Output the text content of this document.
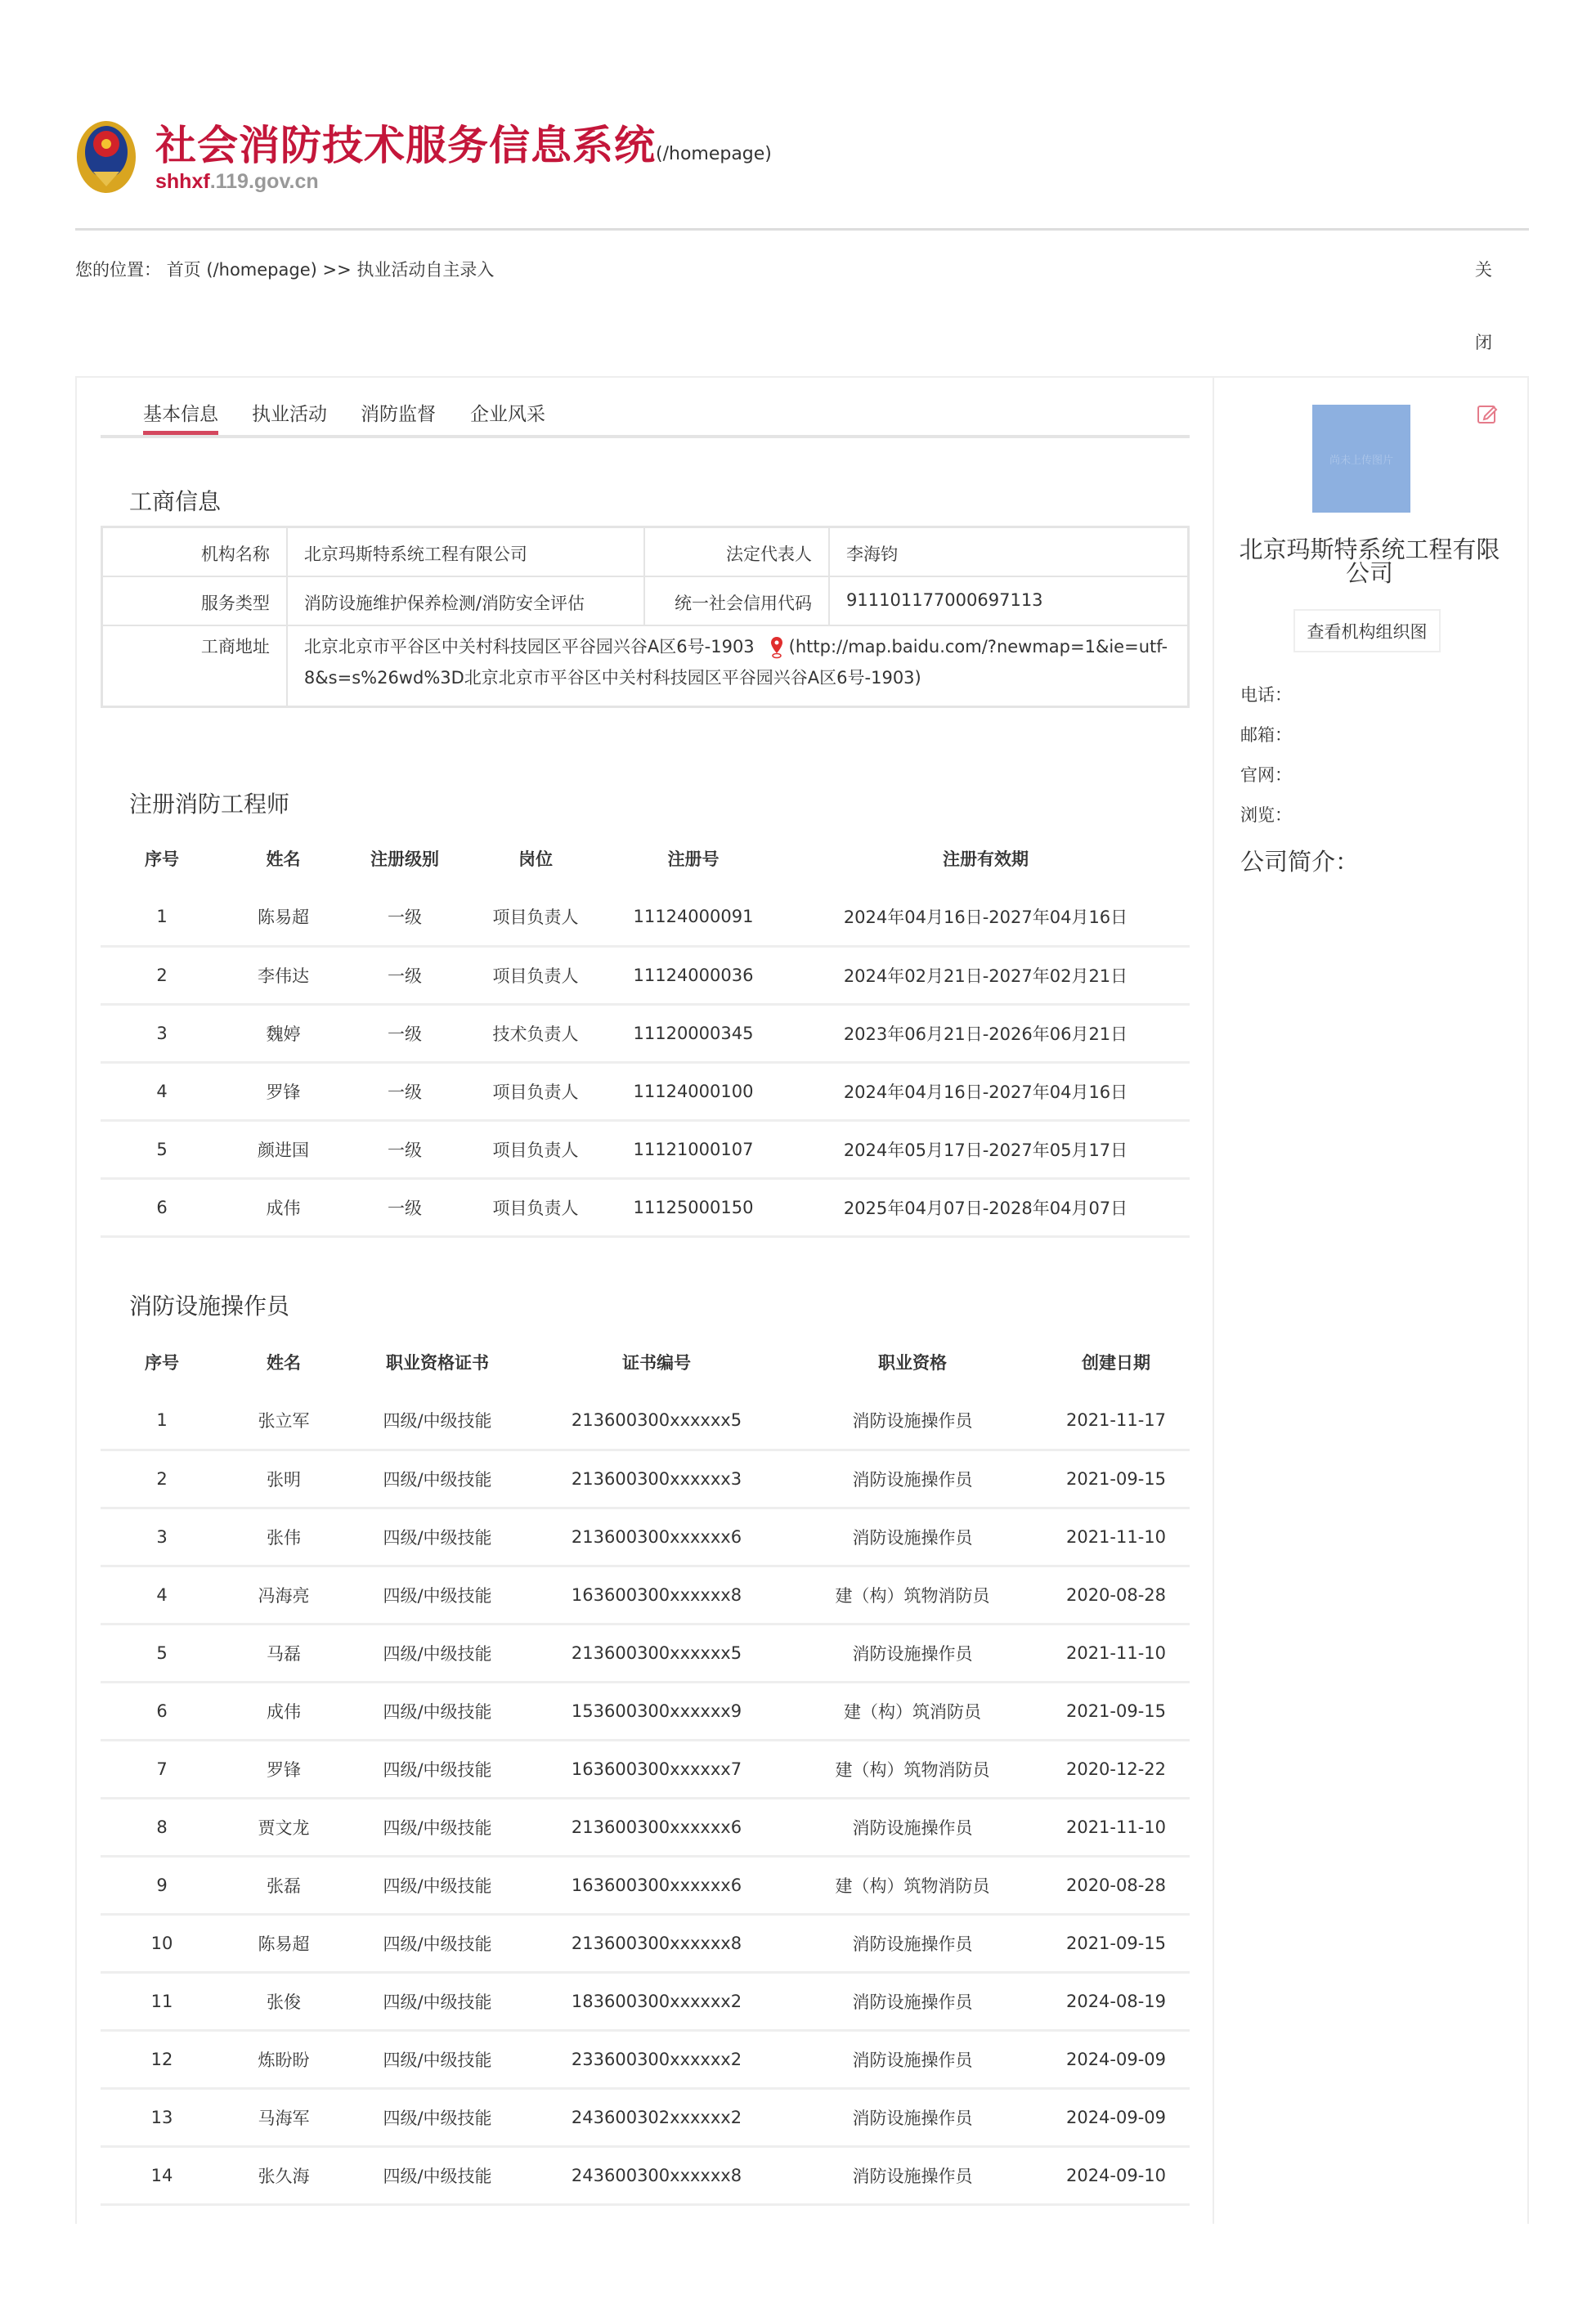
社会消防技术服务信息系统(/homepage)
shhxf.119.gov.cn
您的位置： 首页 (/homepage) >> 执业活动自主录入	关
闭
基本信息 执业活动 消防监督 企业风采
工商信息
机构名称	北京玛斯特系统工程有限公司	法定代表人	李海钧
服务类型	消防设施维护保养检测/消防安全评估	统一社会信用代码	911101177000697113
工商地址	北京北京市平谷区中关村科技园区平谷园兴谷A区6号-1903 (http://map.baidu.com/?newmap=1&ie=utf-8&s=s%26wd%3D北京北京市平谷区中关村科技园区平谷园兴谷A区6号-1903)		
注册消防工程师
序号	姓名	注册级别	岗位	注册号	注册有效期
1	陈易超	一级	项目负责人	11124000091	2024年04月16日-2027年04月16日
2	李伟达	一级	项目负责人	11124000036	2024年02月21日-2027年02月21日
3	魏婷	一级	技术负责人	11120000345	2023年06月21日-2026年06月21日
4	罗锋	一级	项目负责人	11124000100	2024年04月16日-2027年04月16日
5	颜进国	一级	项目负责人	11121000107	2024年05月17日-2027年05月17日
6	成伟	一级	项目负责人	11125000150	2025年04月07日-2028年04月07日
消防设施操作员
序号	姓名	职业资格证书	证书编号	职业资格	创建日期
1	张立军	四级/中级技能	213600300xxxxxx5	消防设施操作员	2021-11-17
2	张明	四级/中级技能	213600300xxxxxx3	消防设施操作员	2021-09-15
3	张伟	四级/中级技能	213600300xxxxxx6	消防设施操作员	2021-11-10
4	冯海亮	四级/中级技能	163600300xxxxxx8	建（构）筑物消防员	2020-08-28
5	马磊	四级/中级技能	213600300xxxxxx5	消防设施操作员	2021-11-10
6	成伟	四级/中级技能	153600300xxxxxx9	建（构）筑消防员	2021-09-15
7	罗锋	四级/中级技能	163600300xxxxxx7	建（构）筑物消防员	2020-12-22
8	贾文龙	四级/中级技能	213600300xxxxxx6	消防设施操作员	2021-11-10
9	张磊	四级/中级技能	163600300xxxxxx6	建（构）筑物消防员	2020-08-28
10	陈易超	四级/中级技能	213600300xxxxxx8	消防设施操作员	2021-09-15
11	张俊	四级/中级技能	183600300xxxxxx2	消防设施操作员	2024-08-19
12	炼盼盼	四级/中级技能	233600300xxxxxx2	消防设施操作员	2024-09-09
13	马海军	四级/中级技能	243600302xxxxxx2	消防设施操作员	2024-09-09
14	张久海	四级/中级技能	243600300xxxxxx8	消防设施操作员	2024-09-10
尚未上传图片
北京玛斯特系统工程有限公司
查看机构组织图
电话：
邮箱：
官网：
浏览：
公司简介：
